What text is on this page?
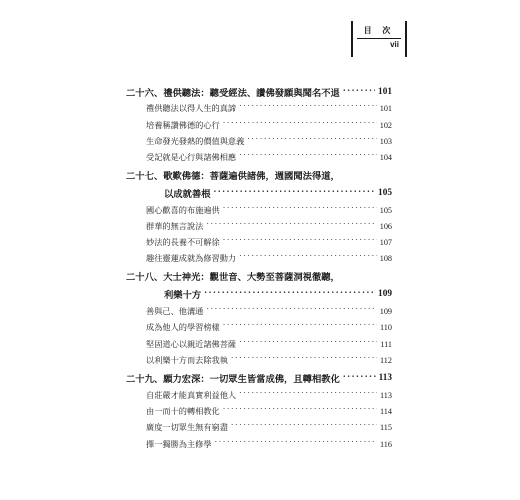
目 次
vii
二十六、禮供聽法：聽受經法、讚佛發願與聞名不退 .....	101
禮供聽法以得人生的真諦 .....	101
培養稱讚佛德的心行 .....	102
生命發光發熱的價值與意義 .....	103
受記就是心行與諸佛相應 .....	104
二十七、歌歎佛德：菩薩遍供諸佛，週國聞法得道，
以成就善根 .....	105
國心歡喜的布施遍供 .....	105
群華的無言說法 .....	106
妙法的長養不可解徐 .....	107
趣往靈蓮成就為修習動力 .....	108
二十八、大士神光：觀世音、大勢至菩薩洞視徹聽，
利樂十方 .....	109
善與己、他溝通 .....	109
成為他人的學習榜樣 .....	110
堅固道心以親近諸佛菩薩 .....	111
以利樂十方而去除我執 .....	112
二十九、願力宏深：一切眾生皆當成佛，且轉相教化 .....	113
自莊嚴才能真實利益他人 .....	113
由一而十的轉相教化 .....	114
廣度一切眾生無有窮盡 .....	115
擇一獨勝為主修學 .....	116
